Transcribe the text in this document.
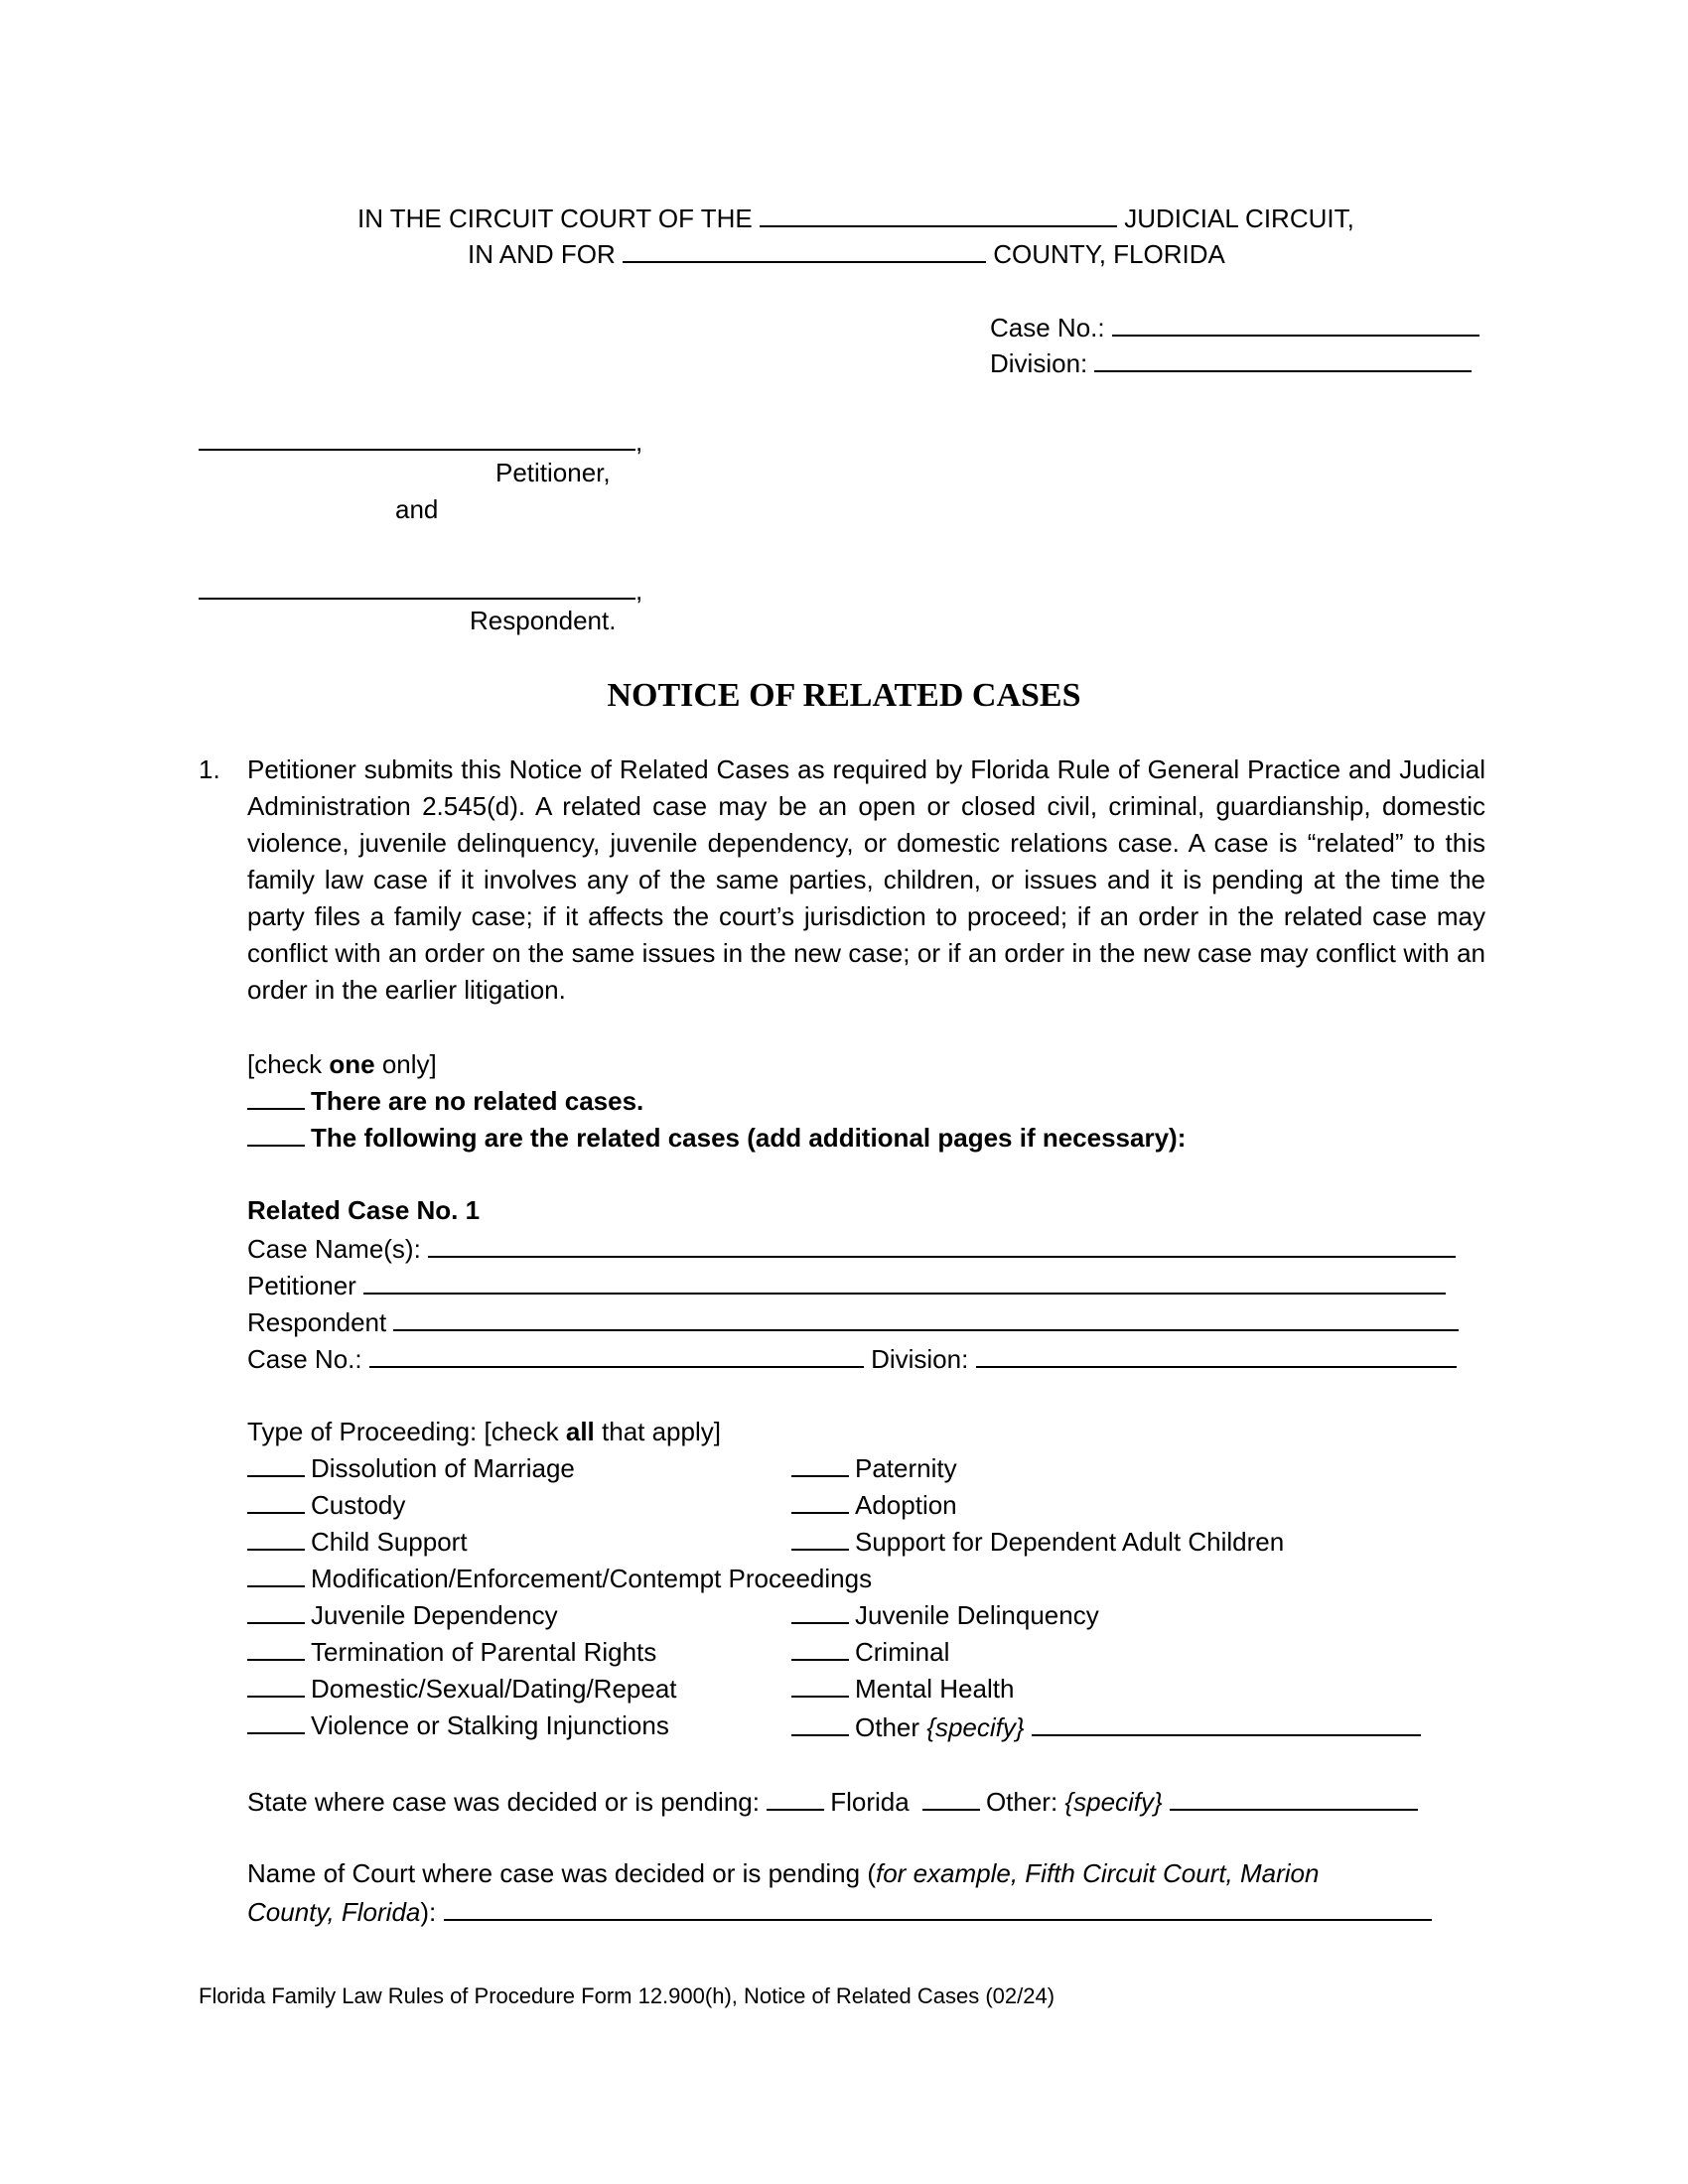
IN THE CIRCUIT COURT OF THE	JUDICIAL CIRCUIT,
IN AND FOR	COUNTY, FLORIDA
Case No.:
Division:
,
Petitioner,
and
,
Respondent.
NOTICE OF RELATED CASES
1. Petitioner submits this Notice of Related Cases as required by Florida Rule of General Practice and Judicial Administration 2.545(d). A related case may be an open or closed civil, criminal, guardianship, domestic violence, juvenile delinquency, juvenile dependency, or domestic relations case. A case is “related” to this family law case if it involves any of the same parties, children, or issues and it is pending at the time the party files a family case; if it affects the court’s jurisdiction to proceed; if an order in the related case may conflict with an order on the same issues in the new case; or if an order in the new case may conflict with an order in the earlier litigation.
[check one only]
There are no related cases.
The following are the related cases (add additional pages if necessary):
Related Case No. 1
Case Name(s):
Petitioner
Respondent
Case No.:	Division:
Type of Proceeding: [check all that apply]
Dissolution of Marriage	Paternity
Custody	Adoption
Child Support	Support for Dependent Adult Children
Modification/Enforcement/Contempt Proceedings
Juvenile Dependency	Juvenile Delinquency
Termination of Parental Rights	Criminal
Domestic/Sexual/Dating/Repeat	Mental Health
Violence or Stalking Injunctions	Other {specify}
State where case was decided or is pending:	Florida	Other: {specify}
Name of Court where case was decided or is pending (for example, Fifth Circuit Court, Marion
County, Florida):
Florida Family Law Rules of Procedure Form 12.900(h), Notice of Related Cases (02/24)
